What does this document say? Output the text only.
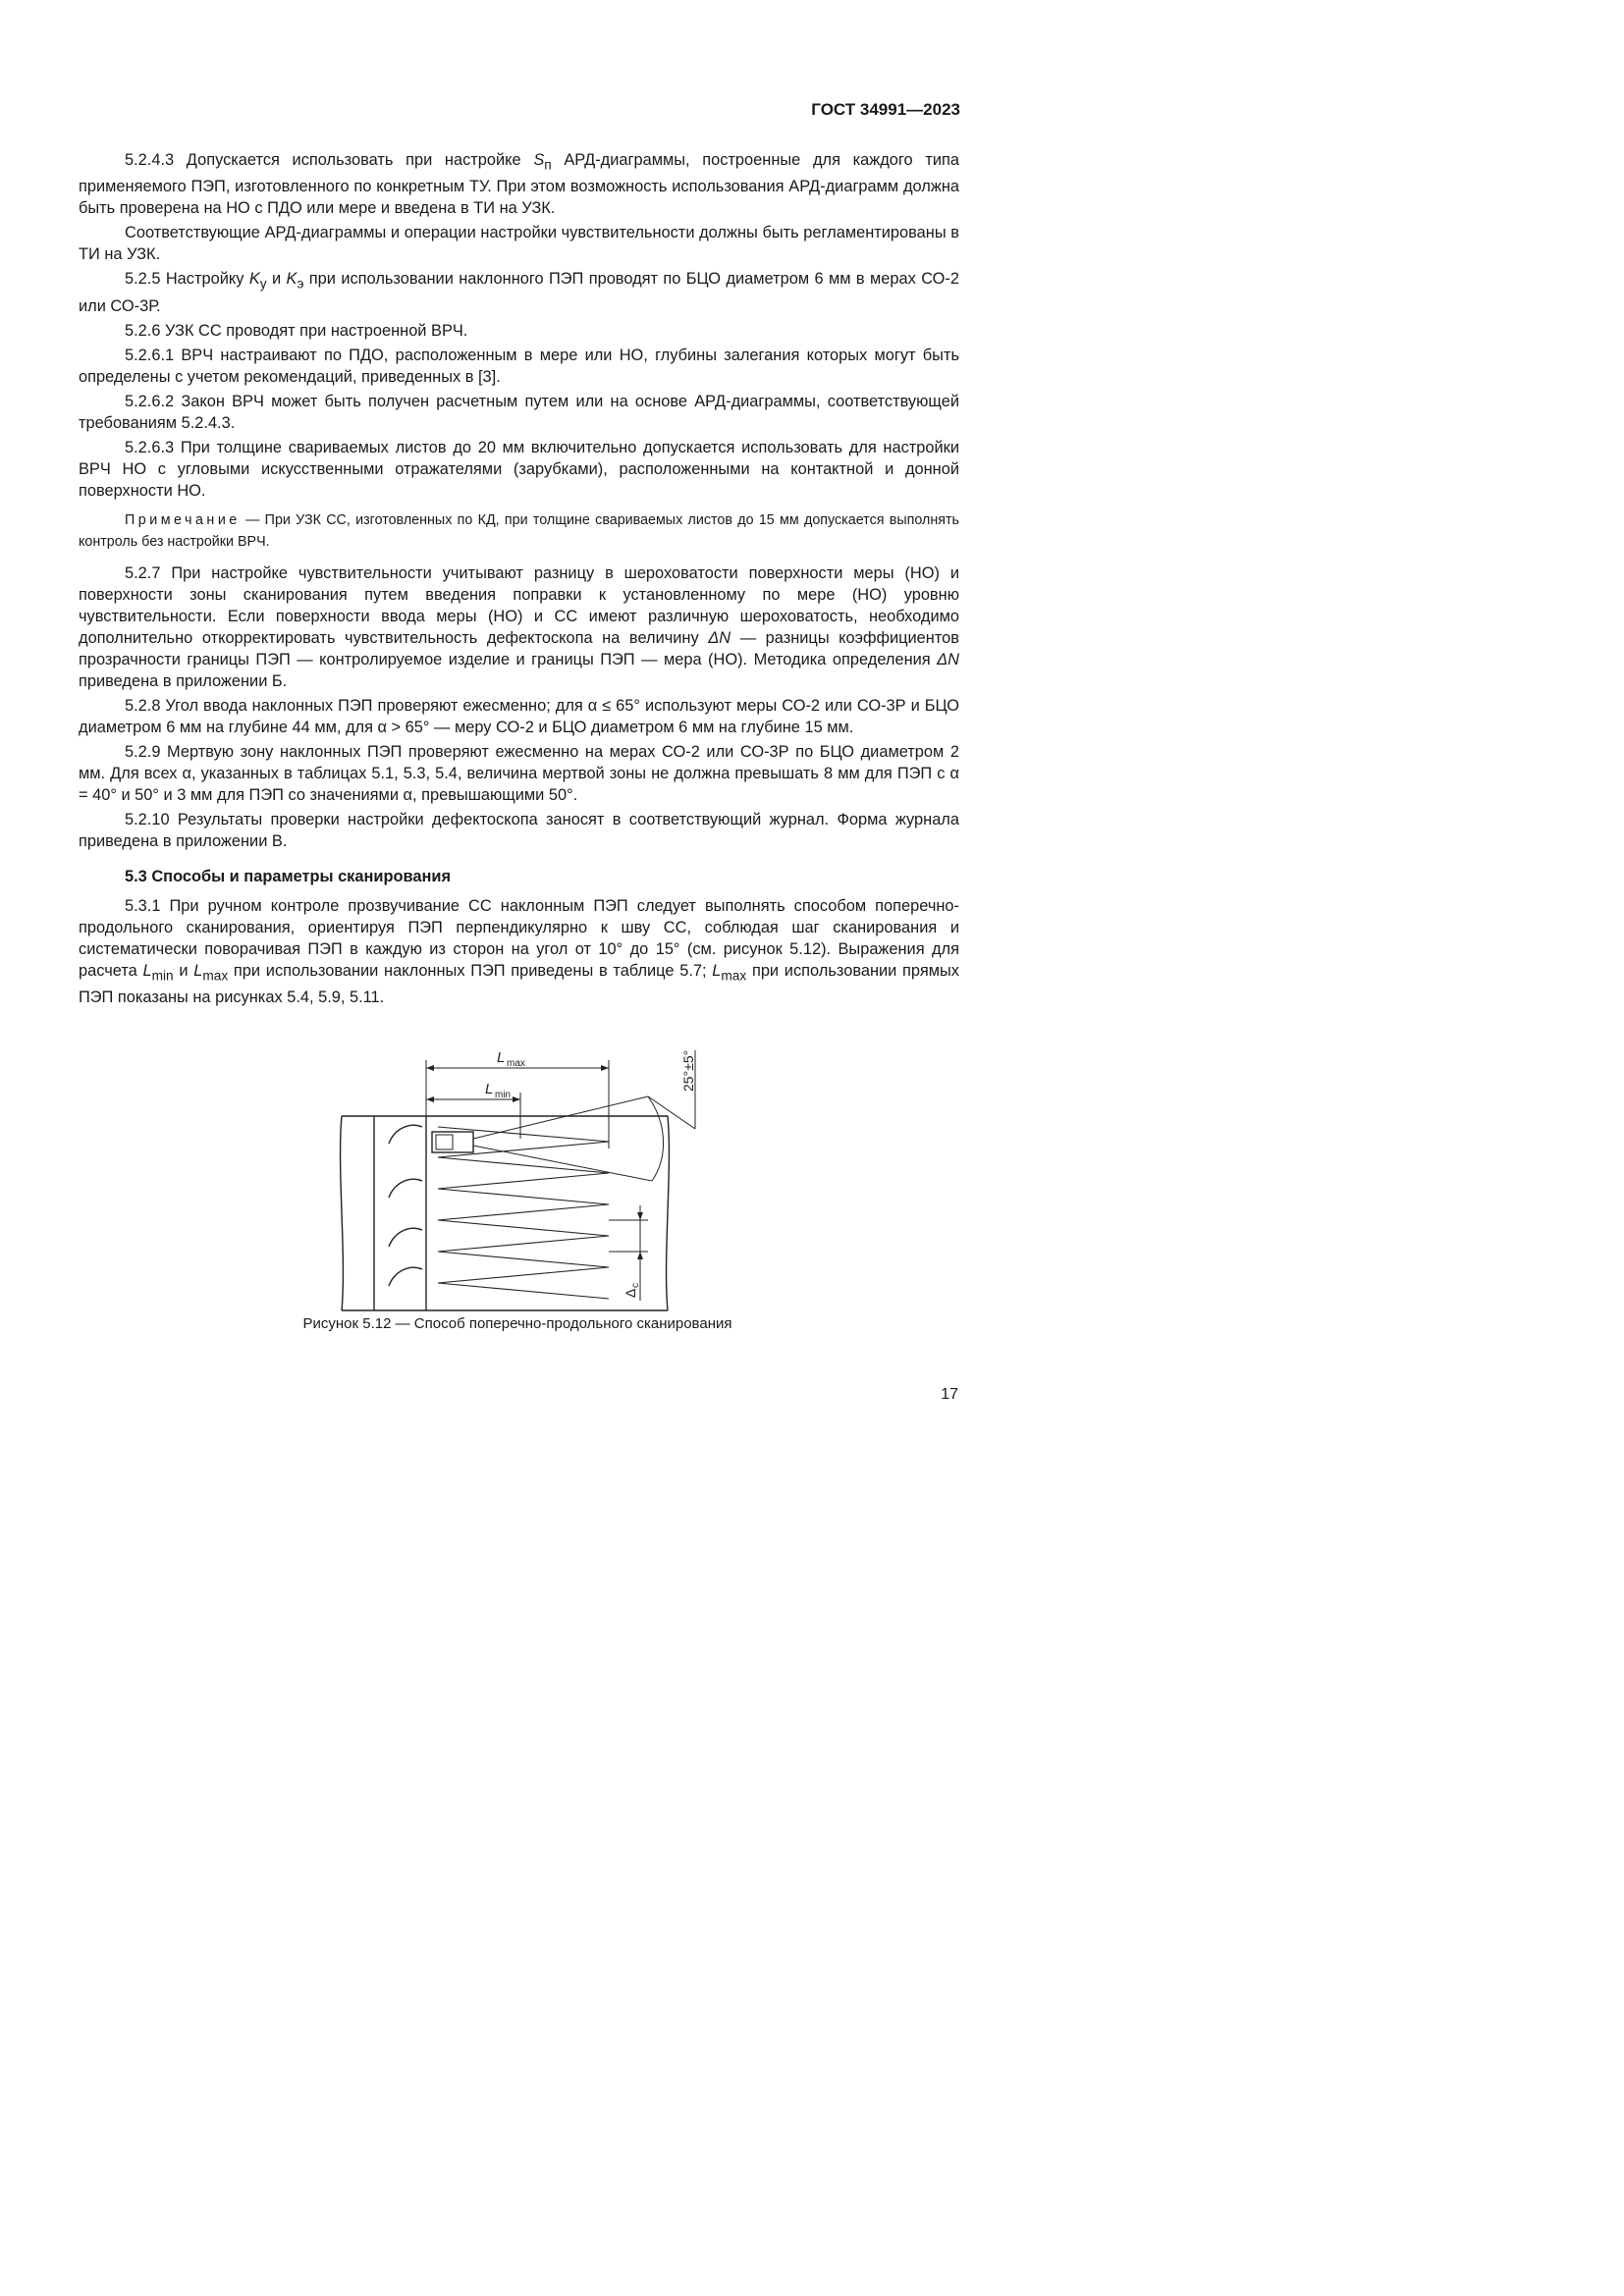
ГОСТ 34991—2023

5.2.4.3 Допускается использовать при настройке $S_п$ АРД-диаграммы, построенные для каждого типа применяемого ПЭП, изготовленного по конкретным ТУ. При этом возможность использования АРД-диаграмм должна быть проверена на НО с ПДО или мере и введена в ТИ на УЗК.

Соответствующие АРД-диаграммы и операции настройки чувствительности должны быть регламентированы в ТИ на УЗК.

5.2.5 Настройку $K_у$ и $K_э$ при использовании наклонного ПЭП проводят по БЦО диаметром 6 мм в мерах СО-2 или СО-3Р.

5.2.6 УЗК СС проводят при настроенной ВРЧ.

5.2.6.1 ВРЧ настраивают по ПДО, расположенным в мере или НО, глубины залегания которых могут быть определены с учетом рекомендаций, приведенных в [3].

5.2.6.2 Закон ВРЧ может быть получен расчетным путем или на основе АРД-диаграммы, соответствующей требованиям 5.2.4.3.

5.2.6.3 При толщине свариваемых листов до 20 мм включительно допускается использовать для настройки ВРЧ НО с угловыми искусственными отражателями (зарубками), расположенными на контактной и донной поверхности НО.

Примечание — При УЗК СС, изготовленных по КД, при толщине свариваемых листов до 15 мм допускается выполнять контроль без настройки ВРЧ.

5.2.7 При настройке чувствительности учитывают разницу в шероховатости поверхности меры (НО) и поверхности зоны сканирования путем введения поправки к установленному по мере (НО) уровню чувствительности. Если поверхности ввода меры (НО) и СС имеют различную шероховатость, необходимо дополнительно откорректировать чувствительность дефектоскопа на величину ΔN — разницы коэффициентов прозрачности границы ПЭП — контролируемое изделие и границы ПЭП — мера (НО). Методика определения ΔN приведена в приложении Б.

5.2.8 Угол ввода наклонных ПЭП проверяют ежесменно; для α ≤ 65° используют меры СО-2 или СО-3Р и БЦО диаметром 6 мм на глубине 44 мм, для α > 65° — меру СО-2 и БЦО диаметром 6 мм на глубине 15 мм.

5.2.9 Мертвую зону наклонных ПЭП проверяют ежесменно на мерах СО-2 или СО-3Р по БЦО диаметром 2 мм. Для всех α, указанных в таблицах 5.1, 5.3, 5.4, величина мертвой зоны не должна превышать 8 мм для ПЭП с α = 40° и 50° и 3 мм для ПЭП со значениями α, превышающими 50°.

5.2.10 Результаты проверки настройки дефектоскопа заносят в соответствующий журнал. Форма журнала приведена в приложении В.

5.3 Способы и параметры сканирования

5.3.1 При ручном контроле прозвучивание СС наклонным ПЭП следует выполнять способом поперечно-продольного сканирования, ориентируя ПЭП перпендикулярно к шву СС, соблюдая шаг сканирования и систематически поворачивая ПЭП в каждую из сторон на угол от 10° до 15° (см. рисунок 5.12). Выражения для расчета $L_{min}$ и $L_{max}$ при использовании наклонных ПЭП приведены в таблице 5.7; $L_{max}$ при использовании прямых ПЭП показаны на рисунках 5.4, 5.9, 5.11.

L max
L min
25°±5°
Δ
c
Рисунок 5.12 — Способ поперечно-продольного сканирования
17
